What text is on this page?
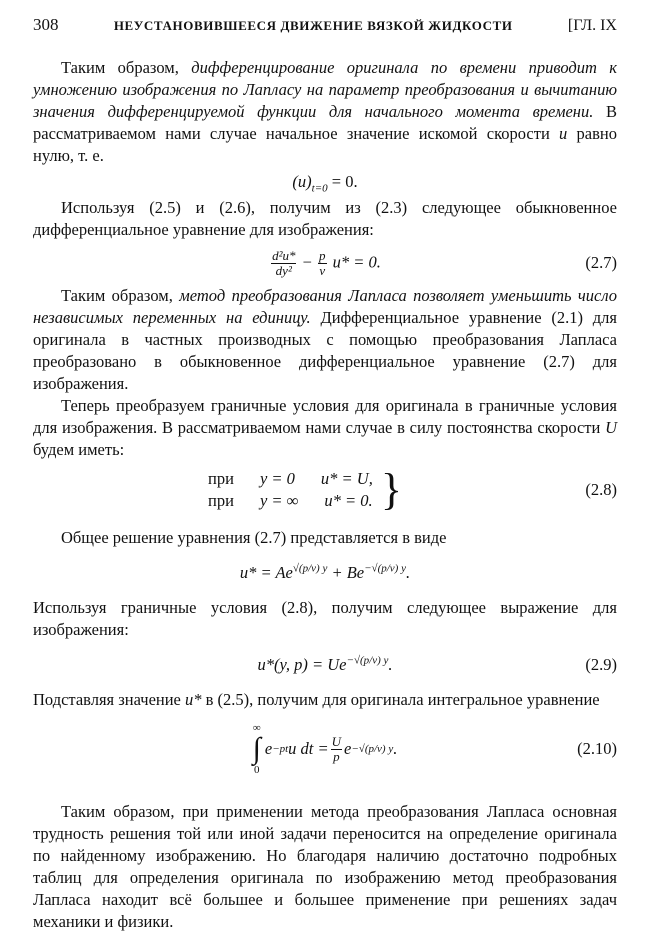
308	НЕУСТАНОВИВШЕЕСЯ ДВИЖЕНИЕ ВЯЗКОЙ ЖИДКОСТИ	[ГЛ. IX

Таким образом, дифференцирование оригинала по времени приводит к умножению изображения по Лапласу на параметр преобразования и вычитанию значения дифференцируемой функции для начального момента времени. В рассматриваемом нами случае начальное значение искомой скорости u равно нулю, т. е.

$(u)_{t=0} = 0$.

Используя (2.5) и (2.6), получим из (2.3) следующее обыкновенное дифференциальное уравнение для изображения:

$\frac{\text{d²u*}}{\text{dy²}} - \frac{p}{\nu} u* = 0$.	(2.7)

Таким образом, метод преобразования Лапласа позволяет уменьшить число независимых переменных на единицу. Дифференциальное уравнение (2.1) для оригинала в частных производных с помощью преобразования Лапласа преобразовано в обыкновенное дифференциальное уравнение (2.7) для изображения.

Теперь преобразуем граничные условия для оригинала в граничные условия для изображения. В рассматриваемом нами случае в силу постоянства скорости U будем иметь:

при y = 0 u* = U,
при y = ∞ u* = 0. }	(2.8)

Общее решение уравнения (2.7) представляется в виде

$u* = Ae^{√(p/\nu) y} + Be^{-√(p/\nu) y}$.

Используя граничные условия (2.8), получим следующее выражение для изображения:

u*(y, $p) = Ue^{-√(p/\nu) y}$.	(2.9)

Подставляя значение u* в (2.5), получим для оригинала интегральное уравнение

∞
∫
0
e −pt u dt = $\frac{U}{p}$ e −√(p/ν) y .	(2.10)

Таким образом, при применении метода преобразования Лапласа основная трудность решения той или иной задачи переносится на определение оригинала по найденному изображению. Но благодаря наличию достаточно подробных таблиц для определения оригинала по изображению метод преобразования Лапласа находит всё большее и большее применение при решениях задач механики и физики.
